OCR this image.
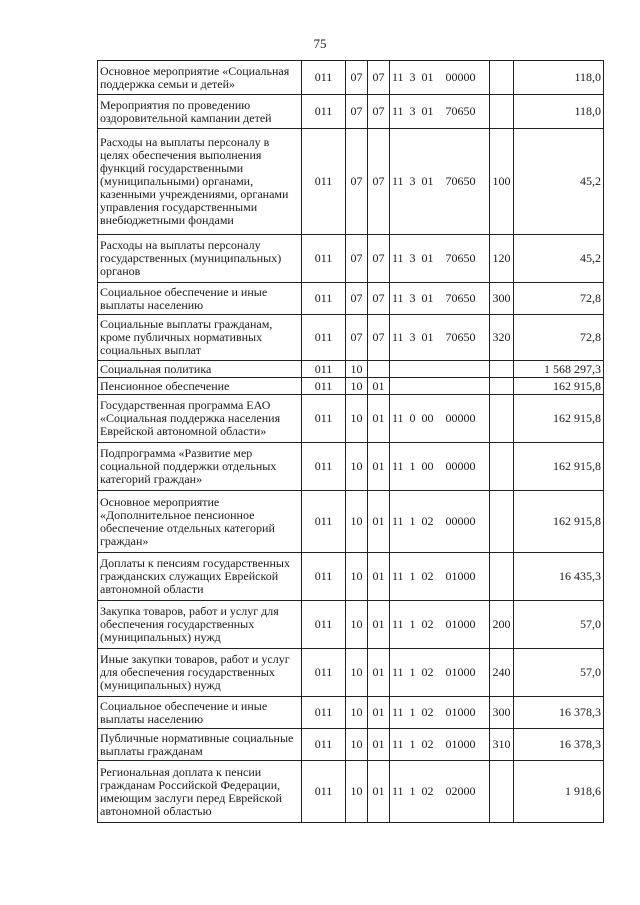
75
Основное мероприятие «Социальная поддержка семьи и детей»	011	07	07	11  3  01    00000		118,0
Мероприятия по проведению оздоровительной кампании детей	011	07	07	11  3  01    70650		118,0
Расходы на выплаты персоналу в целях обеспечения выполнения функций государственными (муниципальными) органами, казенными учреждениями, органами управления государственными внебюджетными фондами	011	07	07	11  3  01    70650	100	45,2
Расходы на выплаты персоналу государственных (муниципальных) органов	011	07	07	11  3  01    70650	120	45,2
Социальное обеспечение и иные выплаты населению	011	07	07	11  3  01    70650	300	72,8
Социальные выплаты гражданам, кроме публичных нормативных социальных выплат	011	07	07	11  3  01    70650	320	72,8
Социальная политика	011	10				1 568 297,3
Пенсионное обеспечение	011	10	01			162 915,8
Государственная программа ЕАО «Социальная поддержка населения Еврейской автономной области»	011	10	01	11  0  00    00000		162 915,8
Подпрограмма «Развитие мер социальной поддержки отдельных категорий граждан»	011	10	01	11  1  00    00000		162 915,8
Основное мероприятие «Дополнительное пенсионное обеспечение отдельных категорий граждан»	011	10	01	11  1  02    00000		162 915,8
Доплаты к пенсиям государственных гражданских служащих Еврейской автономной области	011	10	01	11  1  02    01000		16 435,3
Закупка товаров, работ и услуг для обеспечения государственных (муниципальных) нужд	011	10	01	11  1  02    01000	200	57,0
Иные закупки товаров, работ и услуг для обеспечения государственных (муниципальных) нужд	011	10	01	11  1  02    01000	240	57,0
Социальное обеспечение и иные выплаты населению	011	10	01	11  1  02    01000	300	16 378,3
Публичные нормативные социальные выплаты гражданам	011	10	01	11  1  02    01000	310	16 378,3
Региональная доплата к пенсии гражданам Российской Федерации, имеющим заслуги перед Еврейской автономной областью	011	10	01	11  1  02    02000		1 918,6
